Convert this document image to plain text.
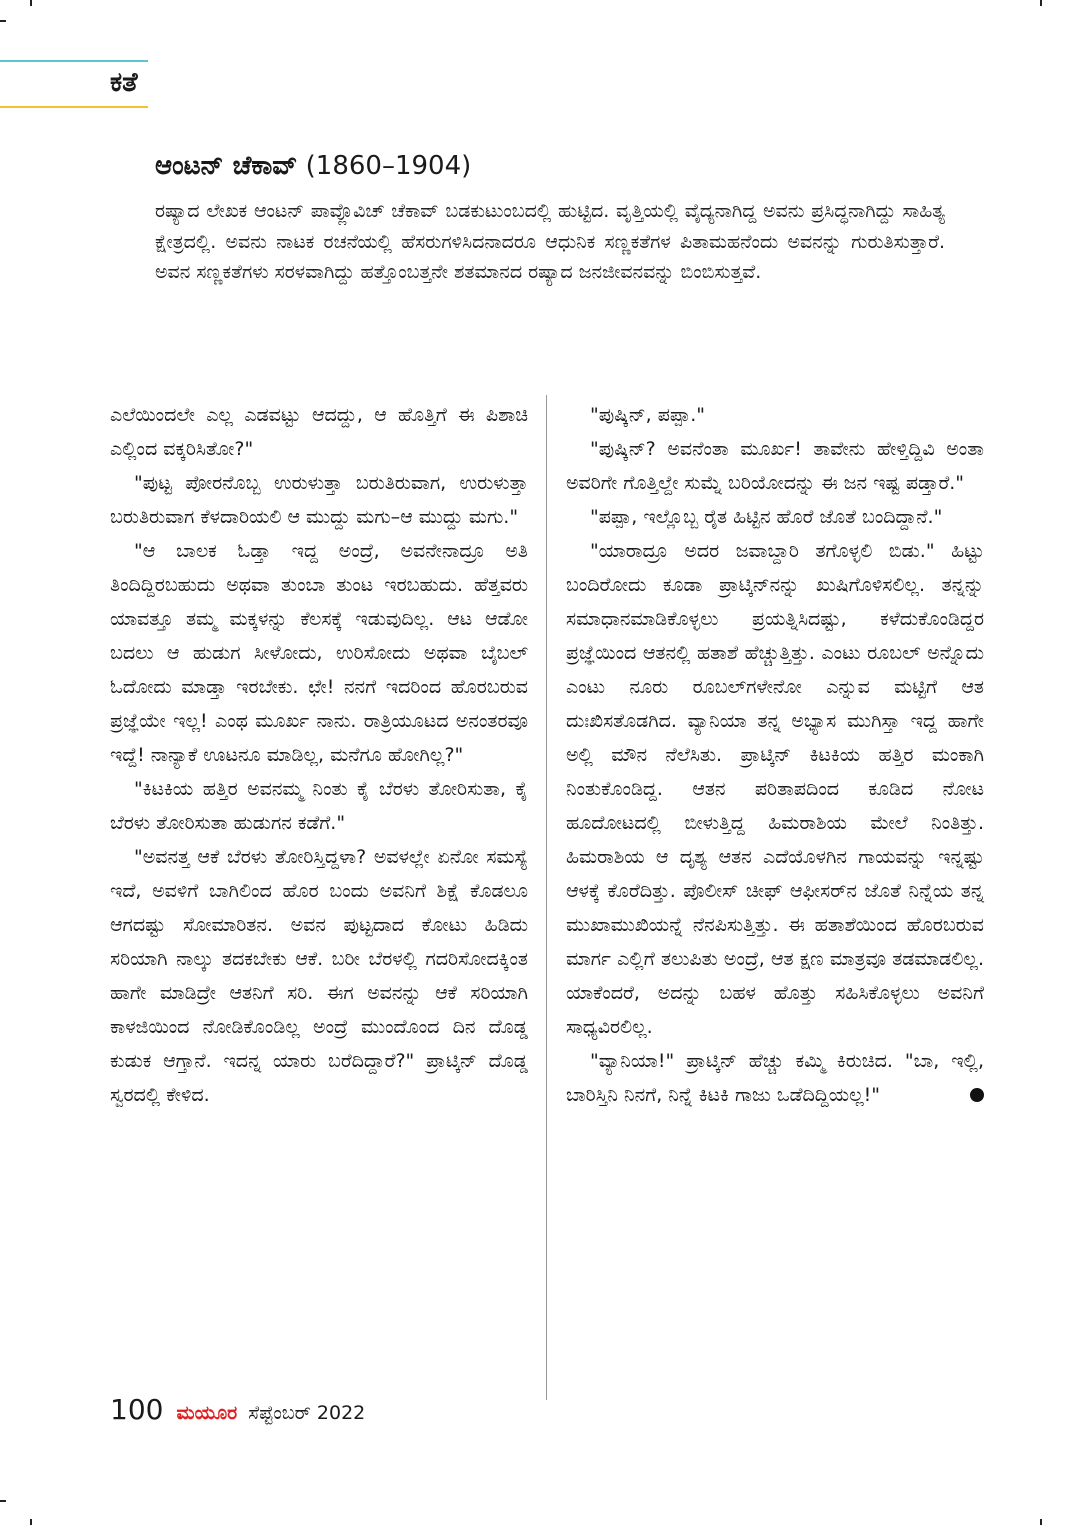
ಕತೆ
ಆಂಟನ್ ಚೆಕಾವ್ (1860–1904)
ರಷ್ಯಾದ ಲೇಖಕ ಆಂಟನ್ ಪಾವ್ಲೊವಿಚ್ ಚೆಕಾವ್ ಬಡಕುಟುಂಬದಲ್ಲಿ ಹುಟ್ಟಿದ. ವೃತ್ತಿಯಲ್ಲಿ ವೈದ್ಯನಾಗಿದ್ದ ಅವನು ಪ್ರಸಿದ್ಧನಾಗಿದ್ದು ಸಾಹಿತ್ಯ ಕ್ಷೇತ್ರದಲ್ಲಿ. ಅವನು ನಾಟಕ ರಚನೆಯಲ್ಲಿ ಹೆಸರುಗಳಿಸಿದನಾದರೂ ಆಧುನಿಕ ಸಣ್ಣಕತೆಗಳ ಪಿತಾಮಹನೆಂದು ಅವನನ್ನು ಗುರುತಿಸುತ್ತಾರೆ. ಅವನ ಸಣ್ಣಕತೆಗಳು ಸರಳವಾಗಿದ್ದು ಹತ್ತೊಂಬತ್ತನೇ ಶತಮಾನದ ರಷ್ಯಾದ ಜನಜೀವನವನ್ನು ಬಿಂಬಿಸುತ್ತವೆ.

ಎಲೆಯಿಂದಲೇ ಎಲ್ಲ ಎಡವಟ್ಟು ಆದದ್ದು, ಆ ಹೊತ್ತಿಗೆ ಈ ಪಿಶಾಚಿ ಎಲ್ಲಿಂದ ವಕ್ಕರಿಸಿತೋ?"

"ಪುಟ್ಟ ಪೋರನೊಬ್ಬ ಉರುಳುತ್ತಾ ಬರುತಿರುವಾಗ, ಉರುಳುತ್ತಾ ಬರುತಿರುವಾಗ ಕೆಳದಾರಿಯಲಿ ಆ ಮುದ್ದು ಮಗು–ಆ ಮುದ್ದು ಮಗು."

"ಆ ಬಾಲಕ ಓಡ್ತಾ ಇದ್ದ ಅಂದ್ರೆ, ಅವನೇನಾದ್ರೂ ಅತಿ ತಿಂದಿದ್ದಿರಬಹುದು ಅಥವಾ ತುಂಬಾ ತುಂಟ ಇರಬಹುದು. ಹೆತ್ತವರು ಯಾವತ್ತೂ ತಮ್ಮ ಮಕ್ಕಳನ್ನು ಕೆಲಸಕ್ಕೆ ಇಡುವುದಿಲ್ಲ. ಆಟ ಆಡೋ ಬದಲು ಆ ಹುಡುಗ ಸೀಳೋದು, ಉರಿಸೋದು ಅಥವಾ ಬೈಬಲ್ ಓದೋದು ಮಾಡ್ತಾ ಇರಬೇಕು. ಛೇ! ನನಗೆ ಇದರಿಂದ ಹೊರಬರುವ ಪ್ರಜ್ಞೆಯೇ ಇಲ್ಲ! ಎಂಥ ಮೂರ್ಖ ನಾನು. ರಾತ್ರಿಯೂಟದ ಅನಂತರವೂ ಇದ್ದೆ! ನಾನ್ಯಾಕೆ ಊಟನೂ ಮಾಡಿಲ್ಲ, ಮನೆಗೂ ಹೋಗಿಲ್ಲ?"

"ಕಿಟಕಿಯ ಹತ್ತಿರ ಅವನಮ್ಮ ನಿಂತು ಕೈ ಬೆರಳು ತೋರಿಸುತಾ, ಕೈ ಬೆರಳು ತೋರಿಸುತಾ ಹುಡುಗನ ಕಡೆಗೆ."

"ಅವನತ್ತ ಆಕೆ ಬೆರಳು ತೋರಿಸ್ತಿದ್ದಳಾ? ಅವಳಲ್ಲೇ ಏನೋ ಸಮಸ್ಯೆ ಇದೆ, ಅವಳಿಗೆ ಬಾಗಿಲಿಂದ ಹೊರ ಬಂದು ಅವನಿಗೆ ಶಿಕ್ಷೆ ಕೊಡಲೂ ಆಗದಷ್ಟು ಸೋಮಾರಿತನ. ಅವನ ಪುಟ್ಟದಾದ ಕೋಟು ಹಿಡಿದು ಸರಿಯಾಗಿ ನಾಲ್ಕು ತದಕಬೇಕು ಆಕೆ. ಬರೀ ಬೆರಳಲ್ಲಿ ಗದರಿಸೋದಕ್ಕಿಂತ ಹಾಗೇ ಮಾಡಿದ್ರೇ ಆತನಿಗೆ ಸರಿ. ಈಗ ಅವನನ್ನು ಆಕೆ ಸರಿಯಾಗಿ ಕಾಳಜಿಯಿಂದ ನೋಡಿಕೊಂಡಿಲ್ಲ ಅಂದ್ರೆ ಮುಂದೊಂದ ದಿನ ದೊಡ್ಡ ಕುಡುಕ ಆಗ್ತಾನೆ. ಇದನ್ನ ಯಾರು ಬರೆದಿದ್ದಾರೆ?" ಪ್ರಾಟ್ಕಿನ್ ದೊಡ್ಡ ಸ್ವರದಲ್ಲಿ ಕೇಳಿದ.

"ಪುಷ್ಕಿನ್, ಪಪ್ಪಾ."

"ಪುಷ್ಕಿನ್? ಅವನೆಂತಾ ಮೂರ್ಖ! ತಾವೇನು ಹೇಳ್ತಿದ್ದಿವಿ ಅಂತಾ ಅವರಿಗೇ ಗೊತ್ತಿಲ್ದೇ ಸುಮ್ನೆ ಬರಿಯೋದನ್ನು ಈ ಜನ ಇಷ್ಟ ಪಡ್ತಾರೆ."

"ಪಪ್ಪಾ, ಇಲ್ಲೊಬ್ಬ ರೈತ ಹಿಟ್ಟಿನ ಹೊರೆ ಜೊತೆ ಬಂದಿದ್ದಾನೆ."

"ಯಾರಾದ್ರೂ ಅದರ ಜವಾಬ್ದಾರಿ ತಗೊಳ್ಳಲಿ ಬಿಡು." ಹಿಟ್ಟು ಬಂದಿರೋದು ಕೂಡಾ ಪ್ರಾಟ್ಕಿನ್‌ನನ್ನು ಖುಷಿಗೊಳಿಸಲಿಲ್ಲ. ತನ್ನನ್ನು ಸಮಾಧಾನಮಾಡಿಕೊಳ್ಳಲು ಪ್ರಯತ್ನಿಸಿದಷ್ಟು, ಕಳೆದುಕೊಂಡಿದ್ದರ ಪ್ರಜ್ಞೆಯಿಂದ ಆತನಲ್ಲಿ ಹತಾಶೆ ಹೆಚ್ಚುತ್ತಿತ್ತು. ಎಂಟು ರೂಬಲ್ ಅನ್ನೊದು ಎಂಟು ನೂರು ರೂಬಲ್‌ಗಳೇನೋ ಎನ್ನುವ ಮಟ್ಟಿಗೆ ಆತ ದುಃಖಿಸತೊಡಗಿದ. ವ್ಯಾನಿಯಾ ತನ್ನ ಅಭ್ಯಾಸ ಮುಗಿಸ್ತಾ ಇದ್ದ ಹಾಗೇ ಅಲ್ಲಿ ಮೌನ ನೆಲೆಸಿತು. ಪ್ರಾಟ್ಕಿನ್ ಕಿಟಕಿಯ ಹತ್ತಿರ ಮಂಕಾಗಿ ನಿಂತುಕೊಂಡಿದ್ದ. ಆತನ ಪರಿತಾಪದಿಂದ ಕೂಡಿದ ನೋಟ ಹೂದೋಟದಲ್ಲಿ ಬೀಳುತ್ತಿದ್ದ ಹಿಮರಾಶಿಯ ಮೇಲೆ ನಿಂತಿತ್ತು. ಹಿಮರಾಶಿಯ ಆ ದೃಶ್ಯ ಆತನ ಎದೆಯೊಳಗಿನ ಗಾಯವನ್ನು ಇನ್ನಷ್ಟು ಆಳಕ್ಕೆ ಕೊರೆದಿತ್ತು. ಪೊಲೀಸ್ ಚೀಫ್ ಆಫೀಸರ್‌ನ ಜೊತೆ ನಿನ್ನೆಯ ತನ್ನ ಮುಖಾಮುಖಿಯನ್ನೆ ನೆನಪಿಸುತ್ತಿತ್ತು. ಈ ಹತಾಶೆಯಿಂದ ಹೊರಬರುವ ಮಾರ್ಗ ಎಲ್ಲಿಗೆ ತಲುಪಿತು ಅಂದ್ರೆ, ಆತ ಕ್ಷಣ ಮಾತ್ರವೂ ತಡಮಾಡಲಿಲ್ಲ. ಯಾಕೆಂದರೆ, ಅದನ್ನು ಬಹಳ ಹೊತ್ತು ಸಹಿಸಿಕೊಳ್ಳಲು ಅವನಿಗೆ ಸಾಧ್ಯವಿರಲಿಲ್ಲ.

"ವ್ಯಾನಿಯಾ!" ಪ್ರಾಟ್ಕಿನ್ ಹೆಚ್ಚು ಕಮ್ಮಿ ಕಿರುಚಿದ. "ಬಾ, ಇಲ್ಲಿ, ಬಾರಿಸ್ತಿನಿ ನಿನಗೆ, ನಿನ್ನೆ ಕಿಟಕಿ ಗಾಜು ಒಡೆದಿದ್ದಿಯಲ್ಲ!"

100 ಮಯೂರ ಸೆಪ್ಟೆಂಬರ್ 2022
